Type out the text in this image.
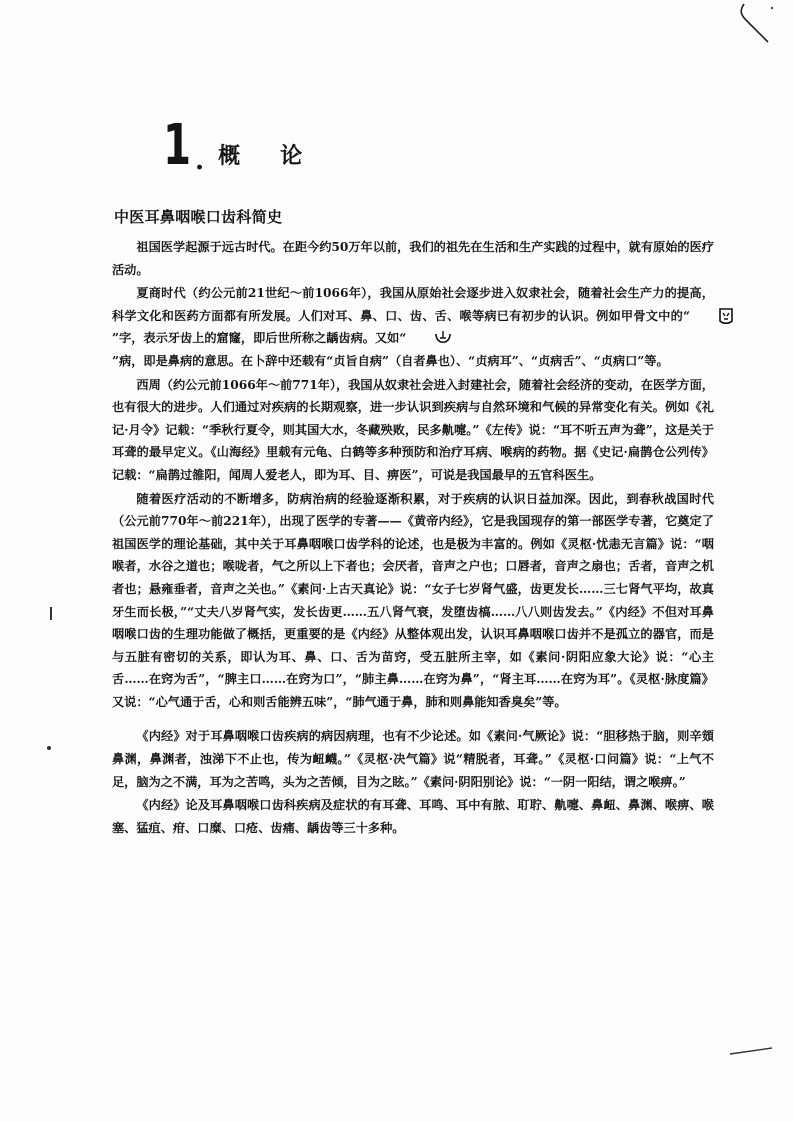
1 . 概论
中医耳鼻咽喉口齿科简史

祖国医学起源于远古时代。在距今约50万年以前，我们的祖先在生活和生产实践的过程中，就有原始的医疗活动。

夏商时代（约公元前21世纪～前1066年），我国从原始社会逐步进入奴隶社会，随着社会生产力的提高，科学文化和医药方面都有所发展。人们对耳、鼻、口、齿、舌、喉等病已有初步的认识。例如甲骨文中的“”字，表示牙齿上的窟窿，即后世所称之龋齿病。又如“

”病，即是鼻病的意思。在卜辞中还载有“贞旨自病”（自者鼻也）、“贞病耳”、“贞病舌”、“贞病口”等。

西周（约公元前1066年～前771年），我国从奴隶社会进入封建社会，随着社会经济的变动，在医学方面，也有很大的进步。人们通过对疾病的长期观察，进一步认识到疾病与自然环境和气候的异常变化有关。例如《礼记·月令》记载：“季秋行夏令，则其国大水，冬藏殃败，民多鼽嚏。”《左传》说：“耳不听五声为聋”，这是关于耳聋的最早定义。《山海经》里载有元龟、白鹤等多种预防和治疗耳病、喉病的药物。据《史记·扁鹊仓公列传》记载：“扁鹊过雒阳，闻周人爱老人，即为耳、目、痹医”，可说是我国最早的五官科医生。

随着医疗活动的不断增多，防病治病的经验逐渐积累，对于疾病的认识日益加深。因此，到春秋战国时代（公元前770年～前221年），出现了医学的专著——《黄帝内经》，它是我国现存的第一部医学专著，它奠定了祖国医学的理论基础，其中关于耳鼻咽喉口齿学科的论述，也是极为丰富的。例如《灵枢·忧恚无言篇》说：“咽喉者，水谷之道也；喉咙者，气之所以上下者也；会厌者，音声之户也；口唇者，音声之扇也；舌者，音声之机者也；悬雍垂者，音声之关也。”《素问·上古天真论》说：“女子七岁肾气盛，齿更发长……三七肾气平均，故真牙生而长极，”“丈夫八岁肾气实，发长齿更……五八肾气衰，发堕齿槁……八八则齿发去。”《内经》不但对耳鼻咽喉口齿的生理功能做了概括，更重要的是《内经》从整体观出发，认识耳鼻咽喉口齿并不是孤立的器官，而是与五脏有密切的关系，即认为耳、鼻、口、舌为苗窍，受五脏所主宰，如《素问·阴阳应象大论》说：“心主舌……在窍为舌”，“脾主口……在窍为口”，“肺主鼻……在窍为鼻”，“肾主耳……在窍为耳”。《灵枢·脉度篇》又说：“心气通于舌，心和则舌能辨五味”，“肺气通于鼻，肺和则鼻能知香臭矣”等。

《内经》对于耳鼻咽喉口齿疾病的病因病理，也有不少论述。如《素问·气厥论》说：“胆移热于脑，则辛頞鼻渊，鼻渊者，浊涕下不止也，传为衄衊。”《灵枢·决气篇》说“精脱者，耳聋。”《灵枢·口问篇》说：“上气不足，脑为之不满，耳为之苦鸣，头为之苦倾，目为之眩。”《素问·阴阳别论》说：“一阴一阳结，谓之喉痹。”

《内经》论及耳鼻咽喉口齿科疾病及症状的有耳聋、耳鸣、耳中有脓、耵聍、鼽嚏、鼻衄、鼻渊、喉痹、喉塞、猛疽、疳、口糜、口疮、齿痛、龋齿等三十多种。
